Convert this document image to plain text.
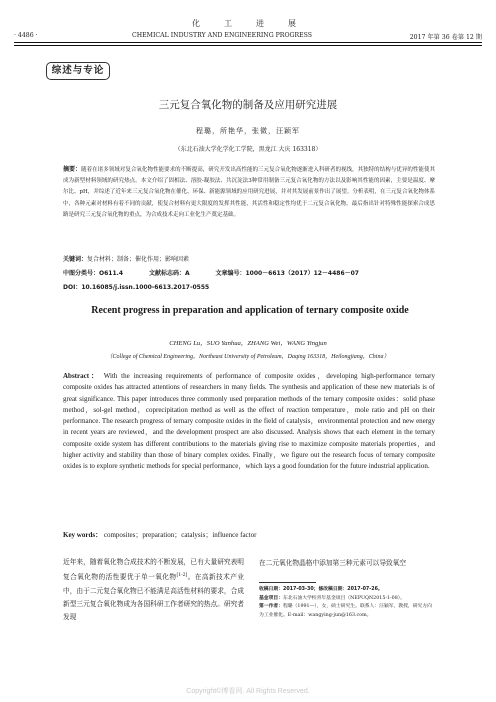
化　工　进　展
· 4486 ·	CHEMICAL INDUSTRY AND ENGINEERING PROGRESS	2017 年第 36 卷第 12 期
综述与专论
三元复合氧化物的制备及应用研究进展
程璐，所艳华，张微，汪颖军
（东北石油大学化学化工学院，黑龙江 大庆 163318）
摘要：随着在诸多领域对复合氧化物性能要求的不断提高，研究开发出高性能的三元复合氧化物逐渐进入科研者的视线，其独特的结构与优异的性能使其成为新型材料领域的研究热点。本文介绍了固相法、溶胶-凝胶法、共沉淀法3种常用制备三元复合氧化物的方法以及影响其性能的因素，主要是温度、摩尔比、pH，并综述了近年来三元复合氧化物在催化、环保、新能源领域的应用研究进展，并对其发展前景作出了展望。分析表明，在三元复合氧化物体系中，各种元素对材料有着不同的贡献，使复合材料有更大限度的发挥其性能，其活性和稳定性均优于二元复合氧化物。最后指出针对特殊性能探索合成思路是研究三元复合氧化物的重点，为合成技术走向工业化生产奠定基础。
关键词：复合材料；制备；催化作用；影响因素
中图分类号：O611.4	文献标志码：A	文章编号：1000－6613（2017）12－4486－07
DOI：10.16085/j.issn.1000-6613.2017-0555
Recent progress in preparation and application of ternary composite oxide
CHENG Lu，SUO Yanhua，ZHANG Wei，WANG Yingjun
（College of Chemical Engineering，Northeast University of Petroleum，Daqing 163318，Heilongjiang，China）
Abstract： With the increasing requirements of performance of composite oxides，developing high-performance ternary composite oxides has attracted attentions of researchers in many fields. The synthesis and application of these new materials is of great significance. This paper introduces three commonly used preparation methods of the ternary composite oxides：solid phase method，sol-gel method，coprecipitation method as well as the effect of reaction temperature，mole ratio and pH on their performance. The research progress of ternary composite oxides in the field of catalysis，environmental protection and new energy in recent years are reviewed，and the development prospect are also discussed. Analysis shows that each element in the ternary composite oxide system has different contributions to the materials giving rise to maximize composite materials properties，and higher activity and stability than those of binary complex oxides. Finally，we figure out the research focus of ternary composite oxides is to explore synthetic methods for special performance，which lays a good foundation for the future industrial application.
Key words： composites；preparation；catalysis；influence factor
近年来，随着氧化物合成技术的不断发展，已有大量研究表明复合氧化物的活性要优于单一氧化物[1-2]。在高新技术产业中，由于二元复合氧化物已不能满足高活性材料的要求，合成新型三元复合氧化物成为各国科研工作者研究的热点。研究者发现
在二元氧化物晶格中添加第三种元素可以导致氧空
收稿日期：2017-03-30；修改稿日期：2017-07-26。
基金项目：东北石油大学校青年基金项目（NEPUQN2015-1-08）。
第一作者：程璐（1991—），女，硕士研究生。联系人：汪颖军，教授，研究方向为工业催化。E-mail：wangying-jun@163.com。
Copyright©博看网. All Rights Reserved.
